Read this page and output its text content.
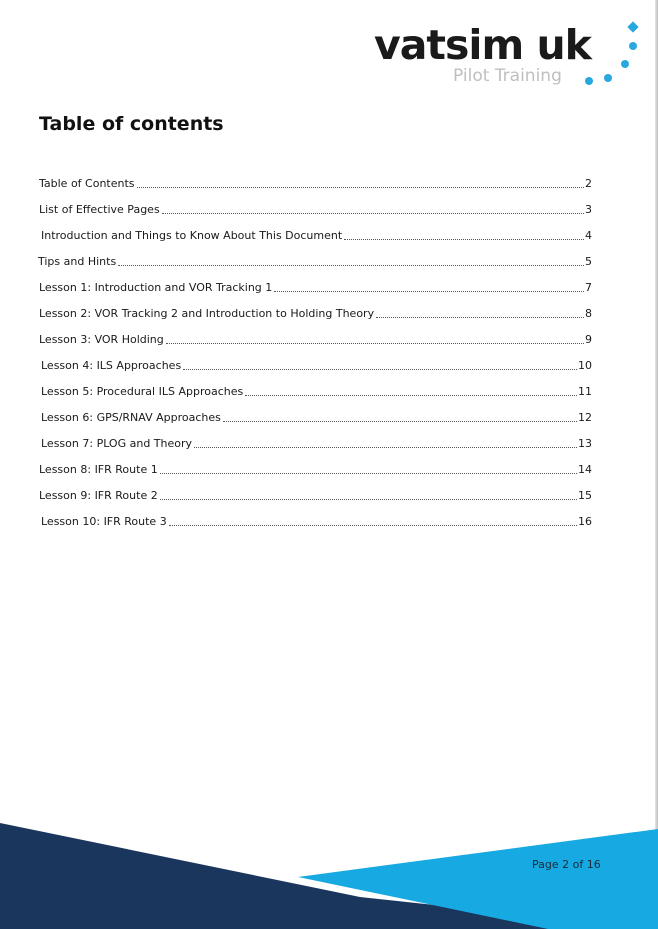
vatsim uk
Pilot Training
Table of contents
Table of Contents	2
List of Effective Pages	3
Introduction and Things to Know About This Document	4
Tips and Hints	5
Lesson 1: Introduction and VOR Tracking 1	7
Lesson 2: VOR Tracking 2 and Introduction to Holding Theory	8
Lesson 3: VOR Holding	9
Lesson 4: ILS Approaches	10
Lesson 5: Procedural ILS Approaches	11
Lesson 6: GPS/RNAV Approaches	12
Lesson 7: PLOG and Theory	13
Lesson 8: IFR Route 1	14
Lesson 9: IFR Route 2	15
Lesson 10: IFR Route 3	16
Page 2 of 16
